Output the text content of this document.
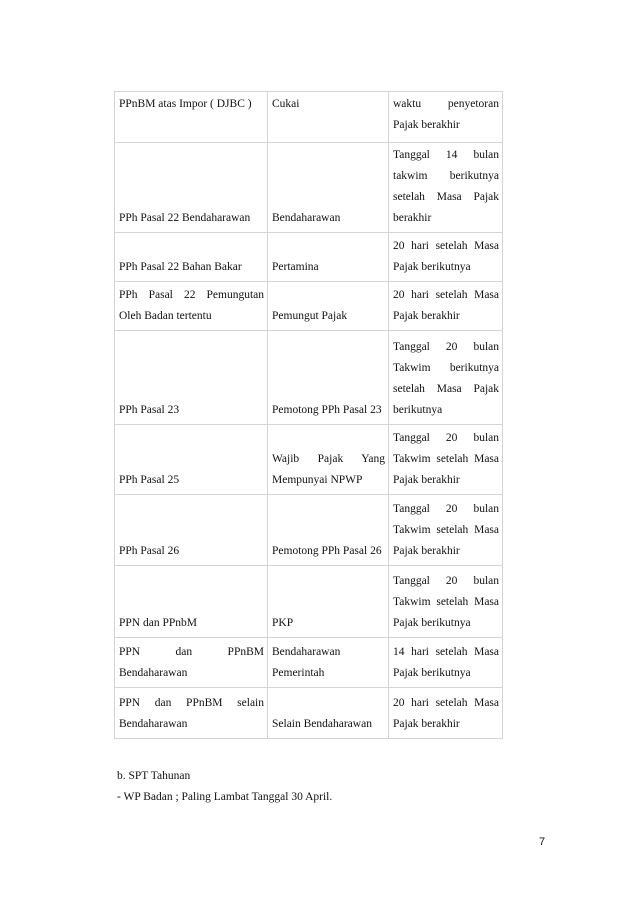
PPnBM atas Impor ( DJBC )	Cukai	waktu penyetoran Pajak berakhir
PPh Pasal 22 Bendaharawan	Bendaharawan	Tanggal 14 bulan takwim berikutnya setelah Masa Pajak berakhir
PPh Pasal 22 Bahan Bakar	Pertamina	20 hari setelah Masa Pajak berikutnya
PPh Pasal 22 Pemungutan Oleh Badan tertentu	Pemungut Pajak	20 hari setelah Masa Pajak berakhir
PPh Pasal 23	Pemotong PPh Pasal 23	Tanggal 20 bulan Takwim berikutnya setelah Masa Pajak berikutnya
PPh Pasal 25	Wajib Pajak Yang Mempunyai NPWP	Tanggal 20 bulan Takwim setelah Masa Pajak berakhir
PPh Pasal 26	Pemotong PPh Pasal 26	Tanggal 20 bulan Takwim setelah Masa Pajak berakhir
PPN dan PPnbM	PKP	Tanggal 20 bulan Takwim setelah Masa Pajak berikutnya
PPN dan PPnBM Bendaharawan	Bendaharawan Pemerintah	14 hari setelah Masa Pajak berikutnya
PPN dan PPnBM selain Bendaharawan	Selain Bendaharawan	20 hari setelah Masa Pajak berakhir
b. SPT Tahunan
- WP Badan ; Paling Lambat Tanggal 30 April.
7
